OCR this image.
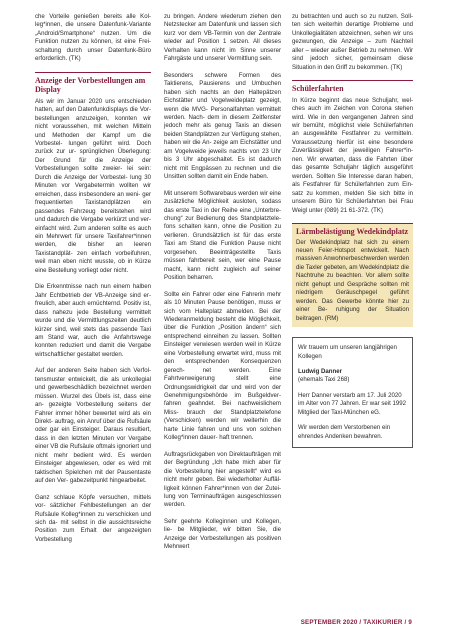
che Vorteile genießen bereits alle Kol- leg*innen, die unsere Datenfunk-Variante „Android/Smartphone“ nutzen. Um die Funktion nutzen zu können, ist eine Frei- schaltung durch unser Datenfunk-Büro erforderlich. (TK)

Anzeige der Vorbestellungen am Display

Als wir im Januar 2020 uns entschieden hatten, auf den Datenfunkdisplays die Vor- bestellungen anzuzeigen, konnten wir nicht voraussehen, mit welchen Mitteln und Methoden der Kampf um die Vorbestel- lungen geführt wird. Doch zurück zur ur- sprünglichen Überlegung: Der Grund für die Anzeige der Vorbestellungen sollte zweier- lei sein: Durch die Anzeige der Vorbestel- lung 30 Minuten vor Vergabetermin wollten wir erreichen, dass insbesondere an weni- ger frequentierten Taxistandplätzen ein passendes Fahrzeug bereitstehen wird und dadurch die Vergabe verkürzt und ver- einfacht wird. Zum anderen sollte es auch ein Mehrwert für unsere Taxifahrer*innen werden, die bisher an leeren Taxistandplät- zen einfach vorbeifuhren, weil man eben nicht wusste, ob in Kürze eine Bestellung vorliegt oder nicht.

Die Erkenntnisse nach nun einem halben Jahr Echtbetrieb der VB-Anzeige sind er- freulich, aber auch ernüchternd. Positiv ist, dass nahezu jede Bestellung vermittelt wurde und die Vermittlungszeiten deutlich kürzer sind, weil stets das passende Taxi am Stand war, auch die Anfahrtswege konnten reduziert und damit die Vergabe wirtschaftlicher gestaltet werden.

Auf der anderen Seite haben sich Verfol- tensmuster entwickelt, die als unkollegial und gewerbeschädlich bezeichnet werden müssen. Wurzel des Übels ist, dass eine an- gezeigte Vorbestellung seitens der Fahrer immer höher bewertet wird als ein Direkt- auftrag, ein Anruf über die Rufsäule oder gar ein Einsteiger. Daraus resultiert, dass in den letzten Minuten vor Vergabe einer VB die Rufsäule oftmals ignoriert und nicht mehr bedient wird. Es werden Einsteiger abgewiesen, oder es wird mit taktischen Spielchen mit der Pausentaste auf den Ver- gabezeitpunkt hingearbeitet.

Ganz schlaue Köpfe versuchen, mittels vor- sätzlicher Fehlbestellungen an der Rufsäule Kolleg*innen zu verschicken und sich da- mit selbst in die aussichtsreiche Position zum Erhalt der angezeigten Vorbestellung

zu bringen. Andere wiederum ziehen den Netzstecker am Datenfunk und lassen sich kurz vor dem VB-Termin von der Zentrale wieder auf Position 1 setzen. All dieses Verhalten kann nicht im Sinne unserer Fahrgäste und unserer Vermittlung sein.

Besonders schwere Formen des Taktierens, Pausierens und Umbuchen haben sich nachts an den Haltepätzen Eichstätter und Vogelweideplatz gezeigt, wenn die MVG- Personalfahrten vermittelt werden. Nach- dem in diesem Zeitfenster jedoch mehr als genug Taxis an diesen beiden Standplätzen zur Verfügung stehen, haben wir die An- zeige am Eichstätter und am Vogelweide jeweils nachts von 23 Uhr bis 3 Uhr abgeschaltet. Es ist dadurch nicht mit Engpässen zu rechnen und die Unsitten sollten damit ein Ende haben.

Mit unserem Softwarebaus werden wir eine zusätzliche Möglichkeit ausloten, sodass das erste Taxi in der Reihe eine „Unterbre- chung“ zur Bedienung des Standplatztele- fons schalten kann, ohne die Position zu verlieren. Grundsätzlich ist für das erste Taxi am Stand die Funktion Pause nicht vorgesehen. Beeinträgestellte Taxis müssen fahrbereit sein, wer eine Pause macht, kann nicht zugleich auf seiner Position beharren.

Sollte ein Fahrer oder eine Fahrerin mehr als 10 Minuten Pause benötigen, muss er sich vom Halteplatz abmelden. Bei der Wiederanmeldung besteht die Möglichkeit, über die Funktion „Position ändern“ sich entsprechend einreihen zu lassen. Sollten Einsteiger verwiesen werden weil in Kürze eine Vorbestellung erwartet wird, muss mit den entsprechenden Konsequenzen gerech- net werden. Eine Fahrtverweigerung stellt eine Ordnungswidrigkeit dar und wird von der Genehmigungsbehörde im Bußgeldver- fahren geahndet. Bei nachweislichem Miss- brauch der Standplatztelefone (Verschicken) werden wir weiterhin die harte Linie fahren und uns von solchen Kolleg*innen dauer- haft trennen.

Auftragsrückgaben von Direktaufträgen mit der Begründung „Ich habe mich aber für die Vorbestellung hier angestellt“ wird es nicht mehr geben. Bei wiederholter Auffäl- ligkeit können Fahrer*innen von der Zutei- lung von Terminaufträgen ausgeschlossen werden.

Sehr geehrte Kolleginnen und Kollegen, lie- be Mitglieder, wir bitten Sie, die Anzeige der Vorbestellungen als positiven Mehrwert

zu betrachten und auch so zu nutzen. Soll- ten sich weiterhin derartige Probleme und Unkollegialitäten abzeichnen, sehen wir uns gezwungen, die Anzeige – zum Nachteil aller – wieder außer Betrieb zu nehmen. Wir sind jedoch sicher, gemeinsam diese Situation in den Griff zu bekommen. (TK)

Schülerfahrten

In Kürze beginnt das neue Schuljahr, wel- ches auch im Zeichen von Corona stehen wird. Wie in den vergangenen Jahren sind wir bemüht, möglichst viele Schülerfahrten an ausgewählte Festfahrer zu vermitteln. Voraussetzung hierfür ist eine besondere Zuverlässigkeit der jeweiligen Fahrer*in- nen. Wir erwarten, dass die Fahrten über das gesamte Schuljahr täglich ausgeführt werden. Sollten Sie Interesse daran haben, als Festfahrer für Schülerfahrten zum Ein- satz zu kommen, melden Sie sich bitte in unserem Büro für Schülerfahrten bei Frau Weigl unter (089) 21 61-372. (TK)

Lärmbelästigung Wedekindplatz

Der Wedekindplatz hat sich zu einem neuen Feier-Hotspot entwickelt. Nach massiven Anwohnerbeschwerden werden die Taxler gebeten, am Wedekindplatz die Nachtruhe zu beachten. Vor allem sollte nicht gehupt und Gespräche sollten mit niedrigem Geräuschpegel geführt werden. Das Gewerbe könnte hier zu einer Be- ruhigung der Situation beitragen. (RM)

Wir trauern um unseren langjährigen Kollegen

Ludwig Danner

(ehemals Taxi 268)

Herr Danner verstarb am 17. Juli 2020 im Alter von 77 Jahren. Er war seit 1992 Mitglied der Taxi-München eG.

Wir werden dem Verstorbenen ein ehrendes Andenken bewahren.

SEPTEMBER 2020 / TAXIKURIER / 9
